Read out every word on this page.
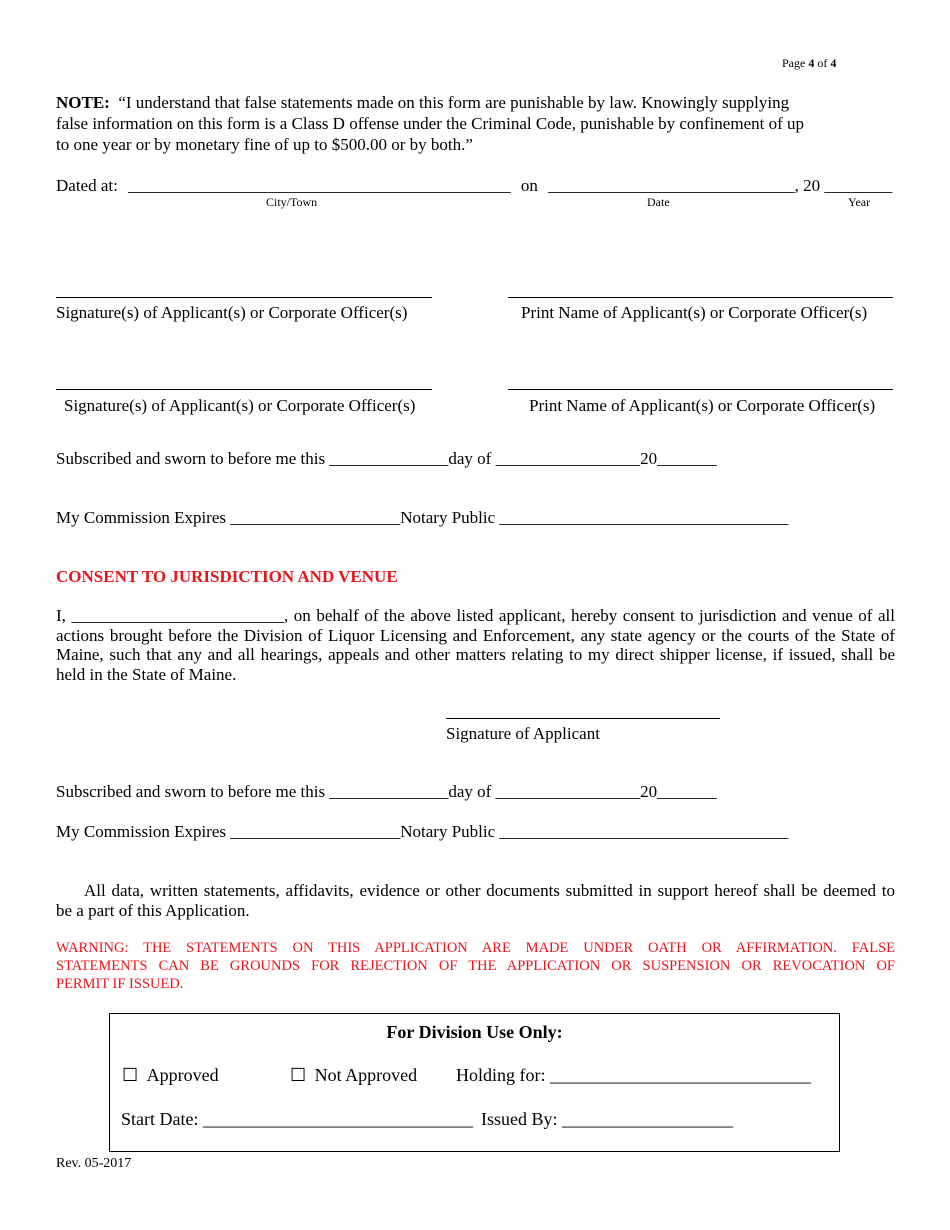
Page 4 of 4
NOTE: “I understand that false statements made on this form are punishable by law. Knowingly supplying
false information on this form is a Class D offense under the Criminal Code, punishable by confinement of up
to one year or by monetary fine of up to $500.00 or by both.”
Dated at: _____________________________________________ on _____________________________, 20 ________
City/Town	Date	Year
Signature(s) of Applicant(s) or Corporate Officer(s)	Print Name of Applicant(s) or Corporate Officer(s)
Signature(s) of Applicant(s) or Corporate Officer(s)	Print Name of Applicant(s) or Corporate Officer(s)
Subscribed and sworn to before me this ______________day of _________________20_______
My Commission Expires ____________________Notary Public __________________________________
CONSENT TO JURISDICTION AND VENUE
I, _________________________, on behalf of the above listed applicant, hereby consent to jurisdiction and venue of all
actions brought before the Division of Liquor Licensing and Enforcement, any state agency or the courts of the State of
Maine, such that any and all hearings, appeals and other matters relating to my direct shipper license, if issued, shall be
held in the State of Maine.
Signature of Applicant
Subscribed and sworn to before me this ______________day of _________________20_______
My Commission Expires ____________________Notary Public __________________________________
All data, written statements, affidavits, evidence or other documents submitted in support hereof shall be deemed to
be a part of this Application.
WARNING: THE STATEMENTS ON THIS APPLICATION ARE MADE UNDER OATH OR AFFIRMATION. FALSE
STATEMENTS CAN BE GROUNDS FOR REJECTION OF THE APPLICATION OR SUSPENSION OR REVOCATION OF
PERMIT IF ISSUED.
For Division Use Only:
☐ Approved	☐ Not Approved Holding for: _____________________________
Start Date: ______________________________ Issued By: ___________________
Rev. 05-2017
